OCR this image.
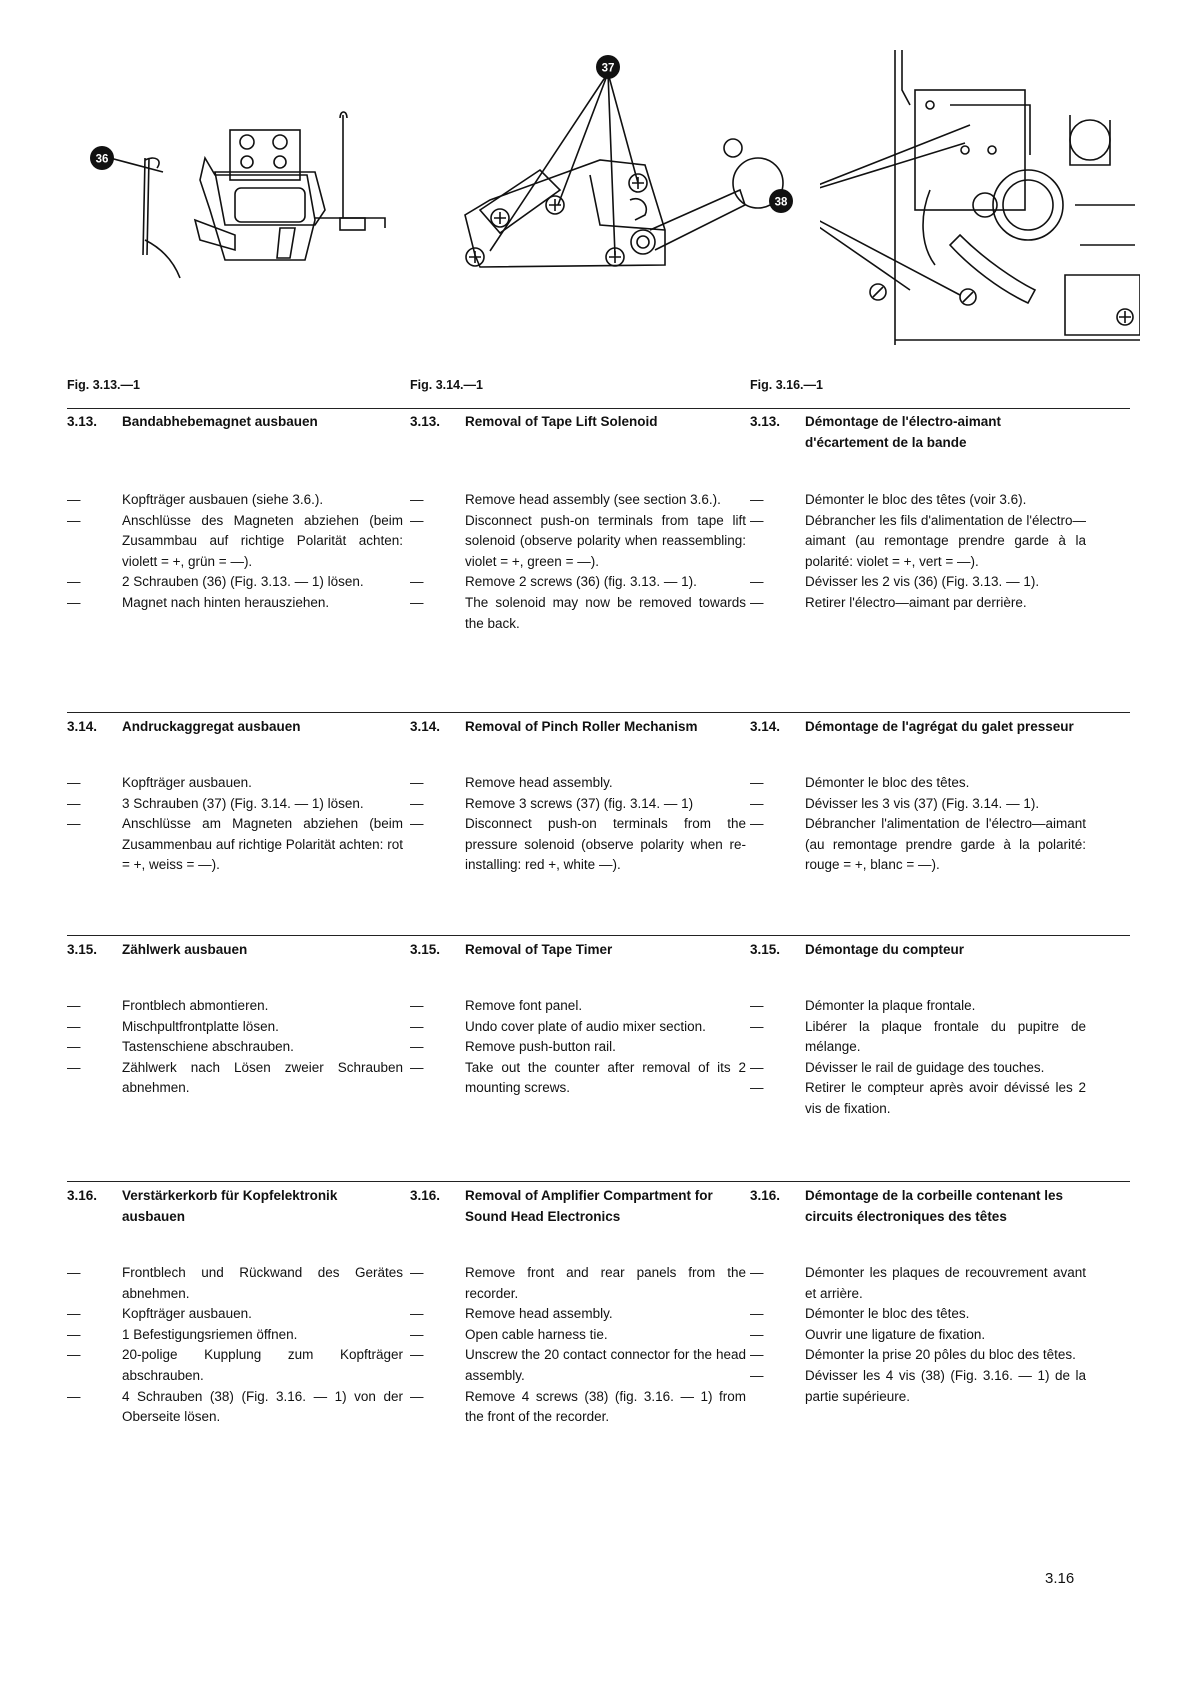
36
37
38
Fig. 3.13.—1	Fig. 3.14.—1	Fig. 3.16.—1
3.13.	Bandabhebemagnet ausbauen	3.13.	Removal of Tape Lift Solenoid	3.13.	Démontage de l'électro-aimant d'écartement de la bande
—	Kopfträger ausbauen (siehe 3.6.).
—	Anschlüsse des Magneten abziehen (beim Zusammbau auf richtige Polarität achten: violett = +, grün = —).
—	2 Schrauben (36) (Fig. 3.13. — 1) lösen.
—	Magnet nach hinten herausziehen.
—	Remove head assembly (see section 3.6.).
—	Disconnect push-on terminals from tape lift solenoid (observe polarity when reassembling: violet = +, green = —).
—	Remove 2 screws (36) (fig. 3.13. — 1).
—	The solenoid may now be removed towards the back.
—	Démonter le bloc des têtes (voir 3.6).
—	Débrancher les fils d'alimentation de l'électro—aimant (au remontage prendre garde à la polarité: violet = +, vert = —).
—	Dévisser les 2 vis (36) (Fig. 3.13. — 1).
—	Retirer l'électro—aimant par derrière.
3.14.	Andruckaggregat ausbauen	3.14.	Removal of Pinch Roller Mechanism	3.14.	Démontage de l'agrégat du galet presseur
—	Kopfträger ausbauen.
—	3 Schrauben (37) (Fig. 3.14. — 1) lösen.
—	Anschlüsse am Magneten abziehen (beim Zusammenbau auf richtige Polarität achten: rot = +, weiss = —).
—	Remove head assembly.
—	Remove 3 screws (37) (fig. 3.14. — 1)
—	Disconnect push-on terminals from the pressure solenoid (observe polarity when re-installing: red +, white —).
—	Démonter le bloc des têtes.
—	Dévisser les 3 vis (37) (Fig. 3.14. — 1).
—	Débrancher l'alimentation de l'électro—aimant (au remontage prendre garde à la polarité: rouge = +, blanc = —).
3.15.	Zählwerk ausbauen	3.15.	Removal of Tape Timer	3.15.	Démontage du compteur
—	Frontblech abmontieren.
—	Mischpultfrontplatte lösen.
—	Tastenschiene abschrauben.
—	Zählwerk nach Lösen zweier Schrauben abnehmen.
—	Remove font panel.
—	Undo cover plate of audio mixer section.
—	Remove push-button rail.
—	Take out the counter after removal of its 2 mounting screws.
—	Démonter la plaque frontale.
—	Libérer la plaque frontale du pupitre de mélange.
—	Dévisser le rail de guidage des touches.
—	Retirer le compteur après avoir dévissé les 2 vis de fixation.
3.16.	Verstärkerkorb für Kopfelektronik ausbauen
3.16.	Removal of Amplifier Compartment for Sound Head Electronics
3.16.	Démontage de la corbeille contenant les circuits électroniques des têtes
—	Frontblech und Rückwand des Gerätes abnehmen.
—	Kopfträger ausbauen.
—	1 Befestigungsriemen öffnen.
—	20-polige Kupplung zum Kopfträger abschrauben.
—	4 Schrauben (38) (Fig. 3.16. — 1) von der Oberseite lösen.
—	Remove front and rear panels from the recorder.
—	Remove head assembly.
—	Open cable harness tie.
—	Unscrew the 20 contact connector for the head assembly.
—	Remove 4 screws (38) (fig. 3.16. — 1) from the front of the recorder.
—	Démonter les plaques de recouvrement avant et arrière.
—	Démonter le bloc des têtes.
—	Ouvrir une ligature de fixation.
—	Démonter la prise 20 pôles du bloc des têtes.
—	Dévisser les 4 vis (38) (Fig. 3.16. — 1) de la partie supérieure.
3.16
